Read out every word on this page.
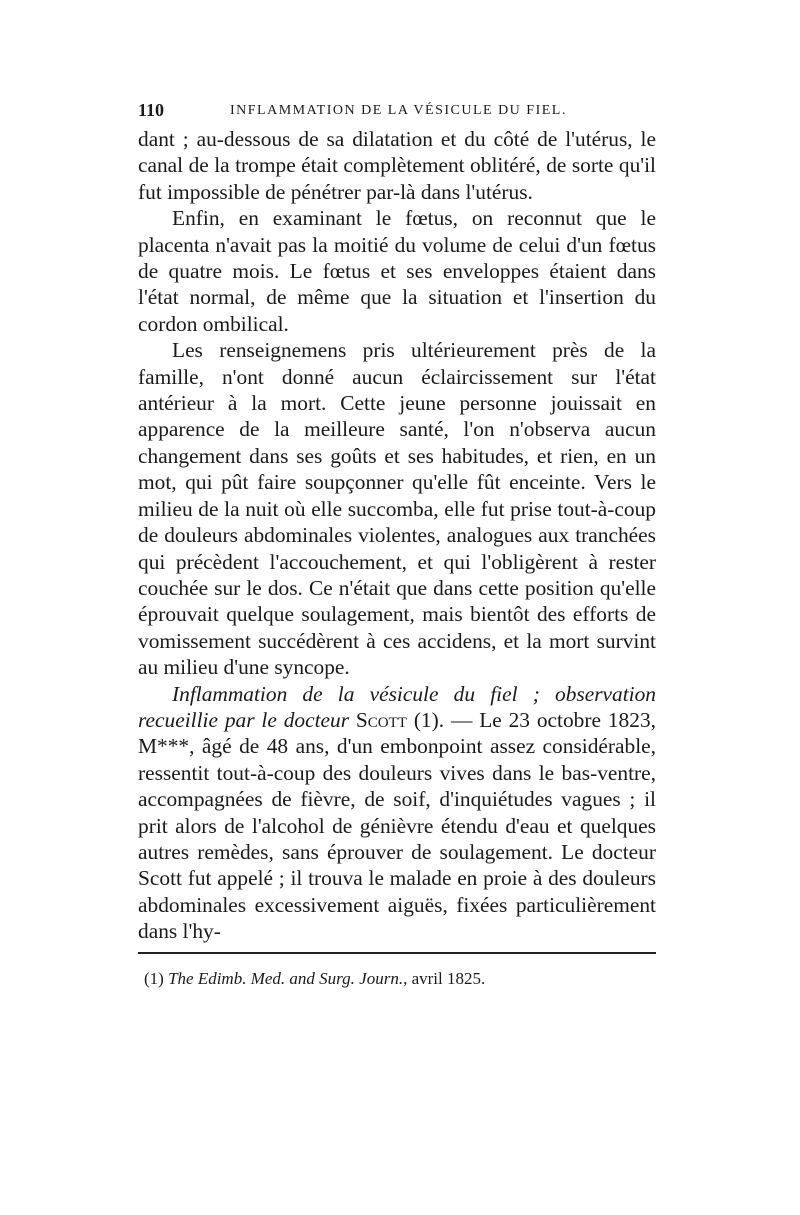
110	INFLAMMATION DE LA VÉSICULE DU FIEL.

dant ; au-dessous de sa dilatation et du côté de l'utérus, le canal de la trompe était complètement oblitéré, de sorte qu'il fut impossible de pénétrer par-là dans l'utérus.

Enfin, en examinant le fœtus, on reconnut que le placenta n'avait pas la moitié du volume de celui d'un fœtus de quatre mois. Le fœtus et ses enveloppes étaient dans l'état normal, de même que la situation et l'insertion du cordon ombilical.

Les renseignemens pris ultérieurement près de la famille, n'ont donné aucun éclaircissement sur l'état antérieur à la mort. Cette jeune personne jouissait en apparence de la meilleure santé, l'on n'observa aucun changement dans ses goûts et ses habitudes, et rien, en un mot, qui pût faire soupçonner qu'elle fût enceinte. Vers le milieu de la nuit où elle succomba, elle fut prise tout-à-coup de douleurs abdominales violentes, analogues aux tranchées qui précèdent l'accouchement, et qui l'obligèrent à rester couchée sur le dos. Ce n'était que dans cette position qu'elle éprouvait quelque soulagement, mais bientôt des efforts de vomissement succédèrent à ces accidens, et la mort survint au milieu d'une syncope.

Inflammation de la vésicule du fiel ; observation recueillie par le docteur Scott (1). — Le 23 octobre 1823, M***, âgé de 48 ans, d'un embonpoint assez considérable, ressentit tout-à-coup des douleurs vives dans le bas-ventre, accompagnées de fièvre, de soif, d'inquiétudes vagues ; il prit alors de l'alcohol de génièvre étendu d'eau et quelques autres remèdes, sans éprouver de soulagement. Le docteur Scott fut appelé ; il trouva le malade en proie à des douleurs abdominales excessivement aiguës, fixées particulièrement dans l'hy-

(1) The Edimb. Med. and Surg. Journ., avril 1825.
